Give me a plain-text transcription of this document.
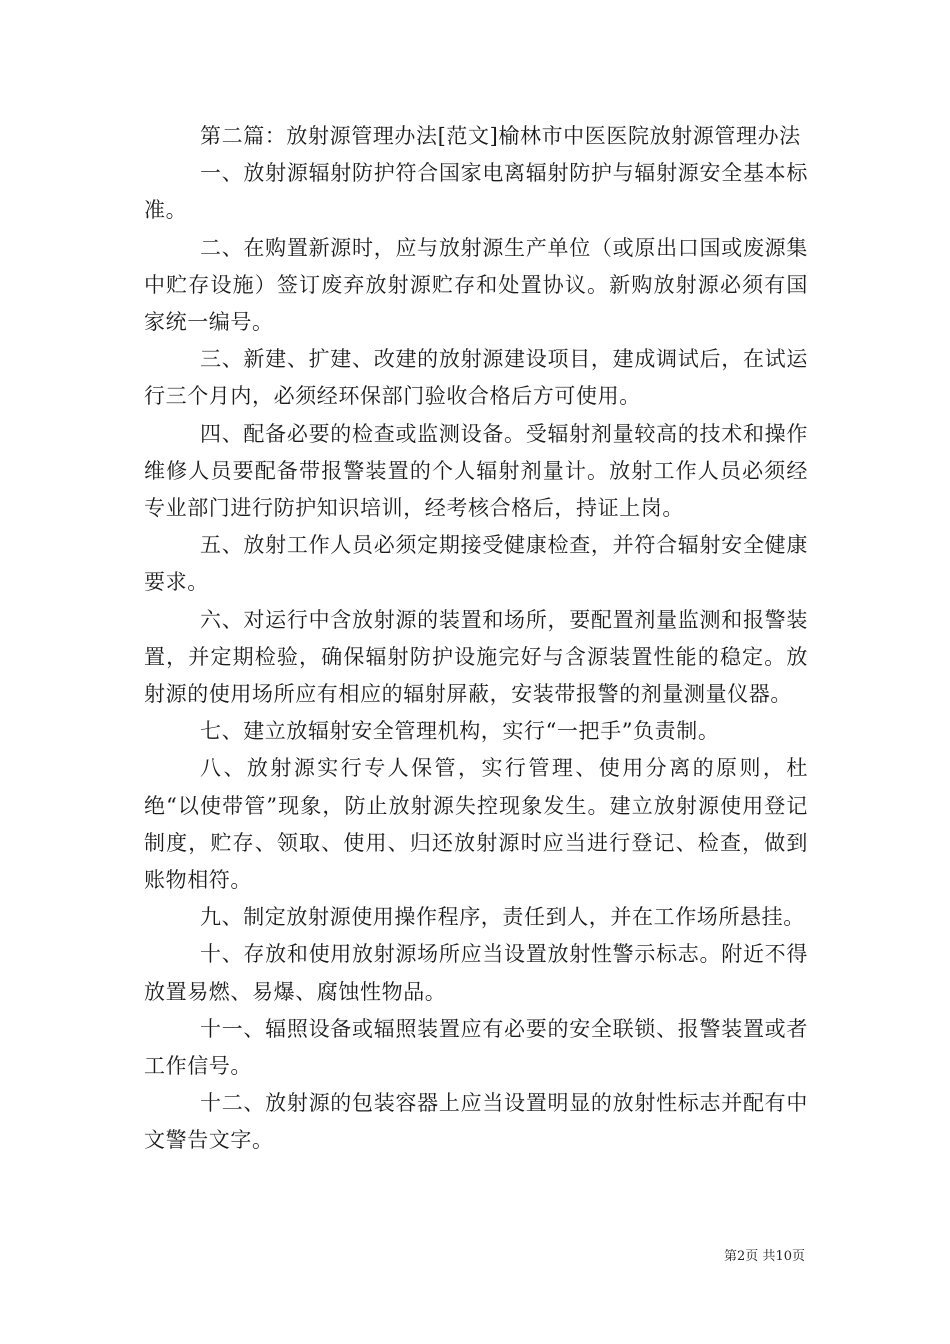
第二篇：放射源管理办法[范文]榆林市中医医院放射源管理办法

一、放射源辐射防护符合国家电离辐射防护与辐射源安全基本标准。

二、在购置新源时，应与放射源生产单位（或原出口国或废源集中贮存设施）签订废弃放射源贮存和处置协议。新购放射源必须有国家统一编号。

三、新建、扩建、改建的放射源建设项目，建成调试后，在试运行三个月内，必须经环保部门验收合格后方可使用。

四、配备必要的检查或监测设备。受辐射剂量较高的技术和操作维修人员要配备带报警装置的个人辐射剂量计。放射工作人员必须经专业部门进行防护知识培训，经考核合格后，持证上岗。

五、放射工作人员必须定期接受健康检查，并符合辐射安全健康要求。

六、对运行中含放射源的装置和场所，要配置剂量监测和报警装置，并定期检验，确保辐射防护设施完好与含源装置性能的稳定。放射源的使用场所应有相应的辐射屏蔽，安装带报警的剂量测量仪器。

七、建立放辐射安全管理机构，实行“一把手”负责制。

八、放射源实行专人保管，实行管理、使用分离的原则，杜绝“以使带管”现象，防止放射源失控现象发生。建立放射源使用登记制度，贮存、领取、使用、归还放射源时应当进行登记、检查，做到账物相符。

九、制定放射源使用操作程序，责任到人，并在工作场所悬挂。

十、存放和使用放射源场所应当设置放射性警示标志。附近不得放置易燃、易爆、腐蚀性物品。

十一、辐照设备或辐照装置应有必要的安全联锁、报警装置或者工作信号。

十二、放射源的包装容器上应当设置明显的放射性标志并配有中文警告文字。

第2页 共10页
